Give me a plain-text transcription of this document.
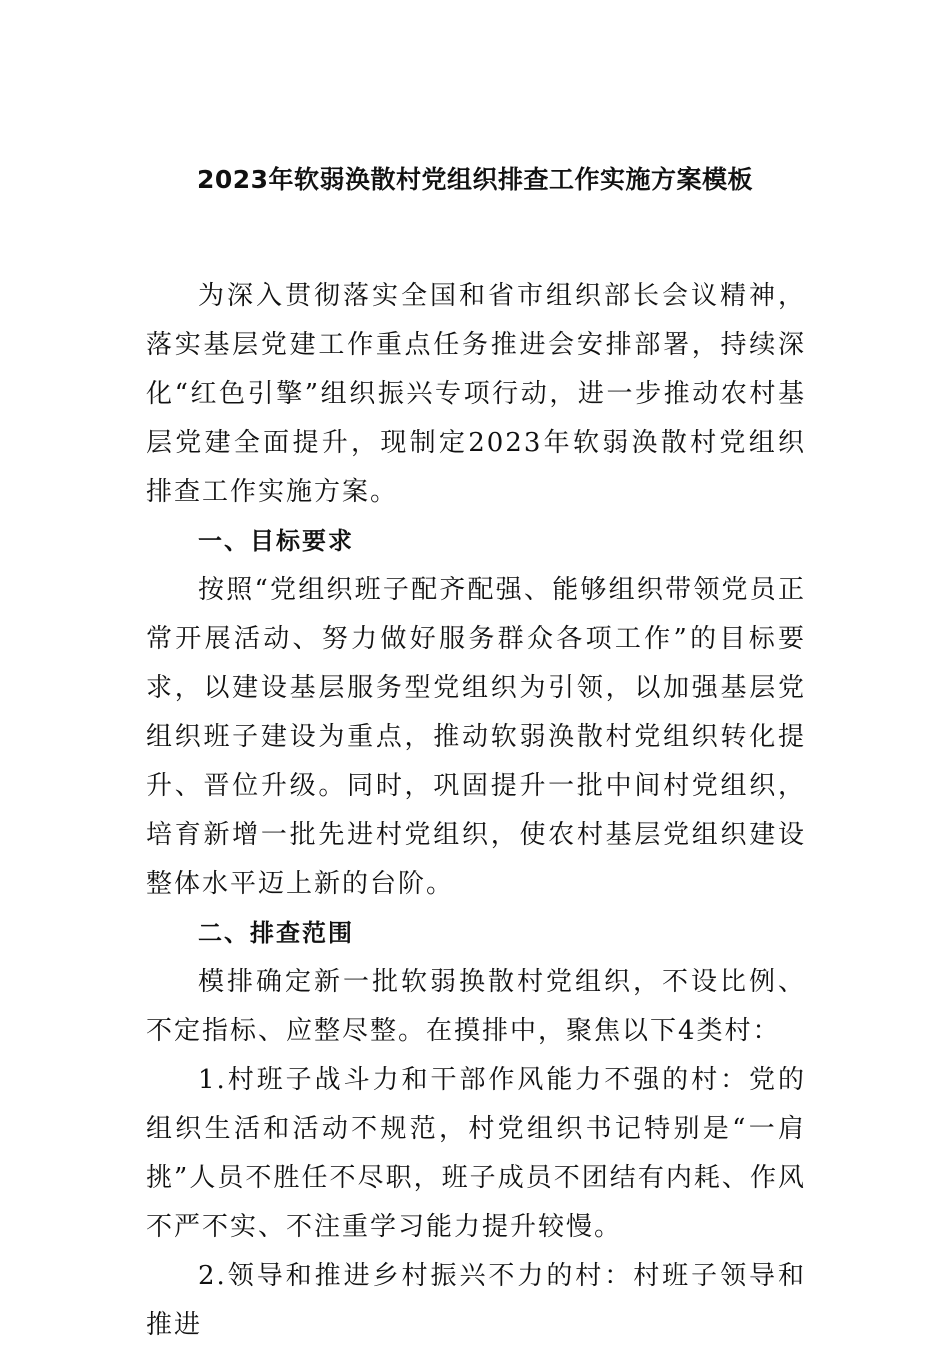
2023年软弱涣散村党组织排查工作实施方案模板

为深入贯彻落实全国和省市组织部长会议精神，落实基层党建工作重点任务推进会安排部署，持续深化“红色引擎”组织振兴专项行动，进一步推动农村基层党建全面提升，现制定2023年软弱涣散村党组织排查工作实施方案。

一、目标要求

按照“党组织班子配齐配强、能够组织带领党员正常开展活动、努力做好服务群众各项工作”的目标要求，以建设基层服务型党组织为引领，以加强基层党组织班子建设为重点，推动软弱涣散村党组织转化提升、晋位升级。同时，巩固提升一批中间村党组织，培育新增一批先进村党组织，使农村基层党组织建设整体水平迈上新的台阶。

二、排查范围

模排确定新一批软弱换散村党组织，不设比例、不定指标、应整尽整。在摸排中，聚焦以下4类村：

1.村班子战斗力和干部作风能力不强的村：党的组织生活和活动不规范，村党组织书记特别是“一肩挑”人员不胜任不尽职，班子成员不团结有内耗、作风不严不实、不注重学习能力提升较慢。

2.领导和推进乡村振兴不力的村：村班子领导和推进
